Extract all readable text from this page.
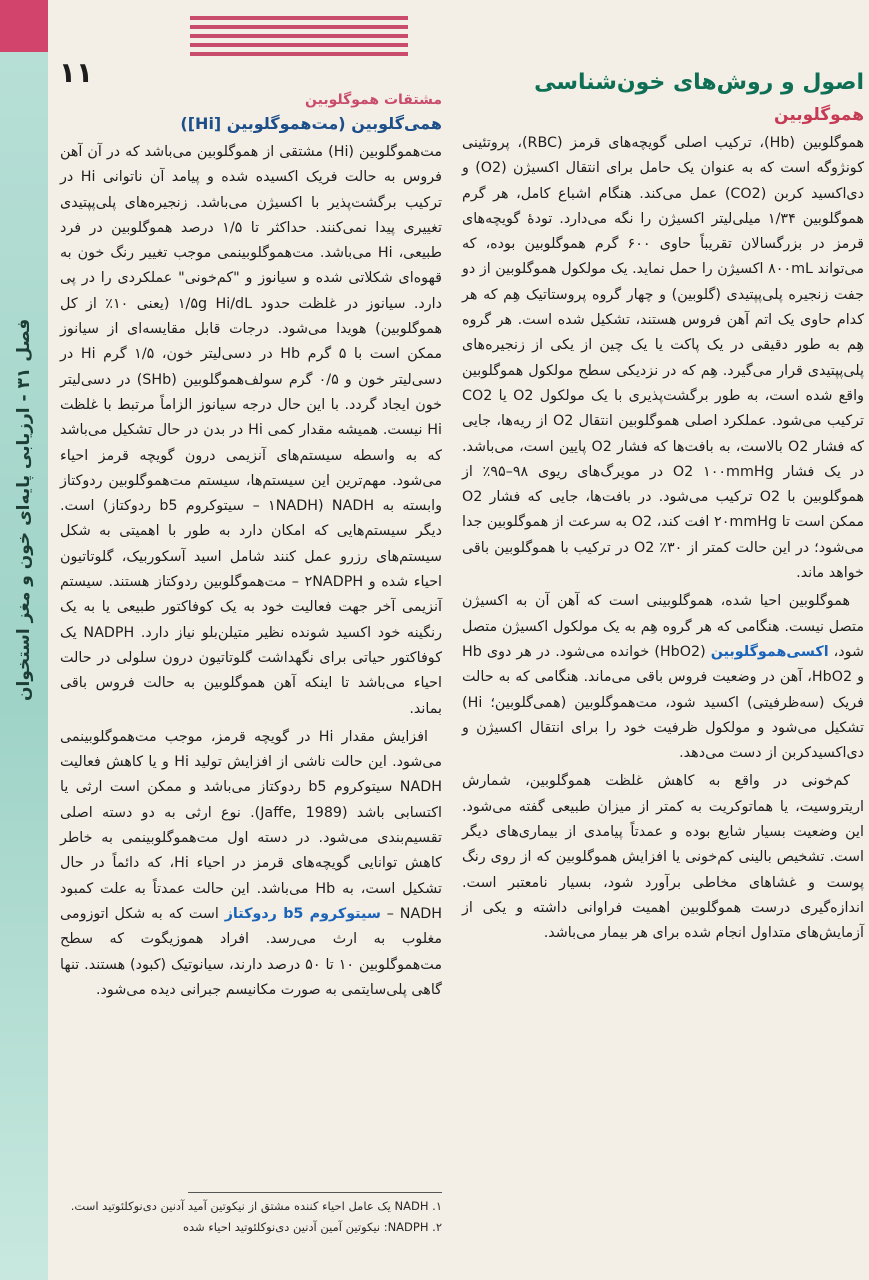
فصل ۳۱ - ارزیابی پایه‌ای خون و مغز استخوان
۱۱	اصول و روش‌های خون‌شناسی
هموگلوبین

هموگلوبین (Hb)، ترکیب اصلی گویچه‌های قرمز (RBC)، پروتئینی کونژوگه است که به عنوان یک حامل برای انتقال اکسیژن (O2) و دی‌اکسید کربن (CO2) عمل می‌کند. هنگام اشباع کامل، هر گرم هموگلوبین ۱/۳۴ میلی‌لیتر اکسیژن را نگه می‌دارد. تودهٔ گویچه‌های قرمز در بزرگسالان تقریباً حاوی ۶۰۰ گرم هموگلوبین بوده، که می‌تواند ۸۰۰mL اکسیژن را حمل نماید. یک مولکول هموگلوبین از دو جفت زنجیره پلی‌پپتیدی (گلوبین) و چهار گروه پروستاتیک هِم که هر کدام حاوی یک اتم آهن فروس هستند، تشکیل شده است. هر گروه هِم به طور دقیقی در یک پاکت یا یک چین از یکی از زنجیره‌های پلی‌پپتیدی قرار می‌گیرد. هِم که در نزدیکی سطح مولکول هموگلوبین واقع شده است، به طور برگشت‌پذیری با یک مولکول O2 یا CO2 ترکیب می‌شود. عملکرد اصلی هموگلوبین انتقال O2 از ریه‌ها، جایی که فشار O2 بالاست، به بافت‌ها که فشار O2 پایین است، می‌باشد. در یک فشار O2 ۱۰۰mmHg در مویرگ‌های ریوی ۹۸–۹۵٪ از هموگلوبین با O2 ترکیب می‌شود. در بافت‌ها، جایی که فشار O2 ممکن است تا ۲۰mmHg افت کند، O2 به سرعت از هموگلوبین جدا می‌شود؛ در این حالت کمتر از ۳۰٪ O2 در ترکیب با هموگلوبین باقی خواهد ماند.

هموگلوبین احیا شده، هموگلوبینی است که آهن آن به اکسیژن متصل نیست. هنگامی که هر گروه هِم به یک مولکول اکسیژن متصل شود، اکسی‌هموگلوبین (HbO2) خوانده می‌شود. در هر دوی Hb و HbO2، آهن در وضعیت فروس باقی می‌ماند. هنگامی که به حالت فریک (سه‌ظرفیتی) اکسید شود، مت‌هموگلوبین (همی‌گلوبین؛ Hi) تشکیل می‌شود و مولکول ظرفیت خود را برای انتقال اکسیژن و دی‌اکسیدکربن از دست می‌دهد.

کم‌خونی در واقع به کاهش غلظت هموگلوبین، شمارش اریتروسیت، یا هماتوکریت به کمتر از میزان طبیعی گفته می‌شود. این وضعیت بسیار شایع بوده و عمدتاً پیامدی از بیماری‌های دیگر است. تشخیص بالینی کم‌خونی یا افزایش هموگلوبین که از روی رنگ پوست و غشاهای مخاطی برآورد شود، بسیار نامعتبر است. اندازه‌گیری درست هموگلوبین اهمیت فراوانی داشته و یکی از آزمایش‌های متداول انجام شده برای هر بیمار می‌باشد.

مشتقات هموگلوبین
همی‌گلوبین (مت‌هموگلوبین [Hi])

مت‌هموگلوبین (Hi) مشتقی از هموگلوبین می‌باشد که در آن آهن فروس به حالت فریک اکسیده شده و پیامد آن ناتوانی Hi در ترکیب برگشت‌پذیر با اکسیژن می‌باشد. زنجیره‌های پلی‌پپتیدی تغییری پیدا نمی‌کنند. حداکثر تا ۱/۵ درصد هموگلوبین در فرد طبیعی، Hi می‌باشد. مت‌هموگلوبینمی موجب تغییر رنگ خون به قهوه‌ای شکلاتی شده و سیانوز و "کم‌خونی" عملکردی را در پی دارد. سیانوز در غلظت حدود ۱/۵g Hi/dL (یعنی ۱۰٪ از کل هموگلوبین) هویدا می‌شود. درجات قابل مقایسه‌ای از سیانوز ممکن است با ۵ گرم Hb در دسی‌لیتر خون، ۱/۵ گرم Hi در دسی‌لیتر خون و ۰/۵ گرم سولف‌هموگلوبین (SHb) در دسی‌لیتر خون ایجاد گردد. با این حال درجه سیانوز الزاماً مرتبط با غلظت Hi نیست. همیشه مقدار کمی Hi در بدن در حال تشکیل می‌باشد که به واسطه سیستم‌های آنزیمی درون گویچه قرمز احیاء می‌شود. مهم‌ترین این سیستم‌ها، سیستم مت‌هموگلوبین ردوکتاز وابسته به NADH (۱NADH – سیتوکروم b5 ردوکتاز) است. دیگر سیستم‌هایی که امکان دارد به طور با اهمیتی به شکل سیستم‌های رزرو عمل کنند شامل اسید آسکوربیک، گلوتاتیون احیاء شده و ۲NADPH – مت‌هموگلوبین ردوکتاز هستند. سیستم آنزیمی آخر جهت فعالیت خود به یک کوفاکتور طبیعی یا به یک رنگینه خود اکسید شونده نظیر متیلن‌بلو نیاز دارد. NADPH یک کوفاکتور حیاتی برای نگهداشت گلوتاتیون درون سلولی در حالت احیاء می‌باشد تا اینکه آهن هموگلوبین به حالت فروس باقی بماند.

افزایش مقدار Hi در گویچه قرمز، موجب مت‌هموگلوبینمی می‌شود. این حالت ناشی از افزایش تولید Hi و یا کاهش فعالیت NADH سیتوکروم b5 ردوکتاز می‌باشد و ممکن است ارثی یا اکتسابی باشد (Jaffe, 1989). نوع ارثی به دو دسته اصلی تقسیم‌بندی می‌شود. در دسته اول مت‌هموگلوبینمی به خاطر کاهش توانایی گویچه‌های قرمز در احیاء Hi، که دائماً در حال تشکیل است، به Hb می‌باشد. این حالت عمدتاً به علت کمبود NADH – سیتوکروم b5 ردوکتاز است که به شکل اتوزومی مغلوب به ارث می‌رسد. افراد هموزیگوت که سطح مت‌هموگلوبین ۱۰ تا ۵۰ درصد دارند، سیانوتیک (کبود) هستند. تنها گاهی پلی‌سایتمی به صورت مکانیسم جبرانی دیده می‌شود.

۱. NADH یک عامل احیاء کننده مشتق از نیکوتین آمید آدنین دی‌نوکلئوتید است.
۲. NADPH: نیکوتین آمین آدنین دی‌نوکلئوتید احیاء شده
